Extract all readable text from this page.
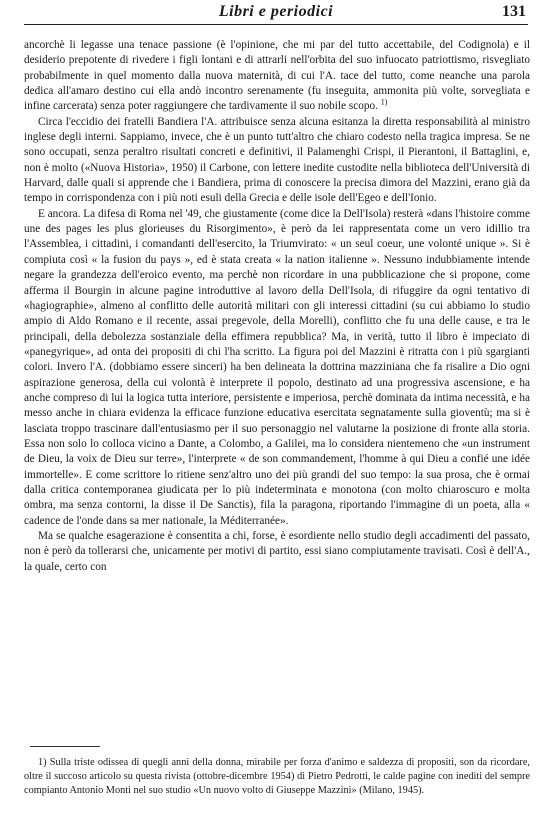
Libri e periodici	131

ancorchè li legasse una tenace passione (è l'opinione, che mi par del tutto accettabile, del Codignola) e il desiderio prepotente di rivedere i figli lontani e di attrarli nell'orbita del suo infuocato patriottismo, risvegliato probabilmente in quel momento dalla nuova maternità, di cui l'A. tace del tutto, come neanche una parola dedica all'amaro destino cui ella andò incontro serenamente (fu inseguita, ammonita più volte, sorvegliata e infine carcerata) senza poter raggiungere che tardivamente il suo nobile scopo. $^{1)}$

Circa l'eccidio dei fratelli Bandiera l'A. attribuisce senza alcuna esitanza la diretta responsabilità al ministro inglese degli interni. Sappiamo, invece, che è un punto tutt'altro che chiaro codesto nella tragica impresa. Se ne sono occupati, senza peraltro risultati concreti e definitivi, il Palamenghi Crispi, il Pierantoni, il Battaglini, e, non è molto («Nuova Historia», 1950) il Carbone, con lettere inedite custodite nella biblioteca dell'Università di Harvard, dalle quali si apprende che i Bandiera, prima di conoscere la precisa dimora del Mazzini, erano già da tempo in corrispondenza con i più noti esuli della Grecia e delle isole dell'Egeo e dell'Ionio.

E ancora. La difesa di Roma nel '49, che giustamente (come dice la Dell'Isola) resterà «dans l'histoire comme une des pages les plus glorieuses du Risorgimento», è però da lei rappresentata come un vero idillio tra l'Assemblea, i cittadini, i comandanti dell'esercito, la Triumvirato: « un seul coeur, une volonté unique ». Si è compiuta così « la fusion du pays », ed è stata creata « la nation italienne ». Nessuno indubbiamente intende negare la grandezza dell'eroico evento, ma perchè non ricordare in una pubblicazione che si propone, come afferma il Bourgin in alcune pagine introduttive al lavoro della Dell'Isola, di rifuggire da ogni tentativo di «hagiographie», almeno al conflitto delle autorità militari con gli interessi cittadini (su cui abbiamo lo studio ampio di Aldo Romano e il recente, assai pregevole, della Morelli), conflitto che fu una delle cause, e tra le principali, della debolezza sostanziale della effimera repubblica? Ma, in verità, tutto il libro è impeciato di «panegyrique», ad onta dei propositi di chi l'ha scritto. La figura poi del Mazzini è ritratta con i più sgargianti colori. Invero l'A. (dobbiamo essere sinceri) ha ben delineata la dottrina mazziniana che fa risalire a Dio ogni aspirazione generosa, della cui volontà è interprete il popolo, destinato ad una progressiva ascensione, e ha anche compreso di lui la logica tutta interiore, persistente e imperiosa, perchè dominata da intima necessità, e ha messo anche in chiara evidenza la efficace funzione educativa esercitata segnatamente sulla gioventù; ma si è lasciata troppo trascinare dall'entusiasmo per il suo personaggio nel valutarne la posizione di fronte alla storia. Essa non solo lo colloca vicino a Dante, a Colombo, a Galilei, ma lo considera nientemeno che «un instrument de Dieu, la voix de Dieu sur terre», l'interprete « de son commandement, l'homme à qui Dieu a confié une idée immortelle». E come scrittore lo ritiene senz'altro uno dei più grandi del suo tempo: la sua prosa, che è ormai dalla critica contemporanea giudicata per lo più indeterminata e monotona (con molto chiaroscuro e molta ombra, ma senza contorni, la disse il De Sanctis), fila la paragona, riportando l'immagine di un poeta, alla « cadence de l'onde dans sa mer nationale, la Méditerranée».

Ma se qualche esagerazione è consentita a chi, forse, è esordiente nello studio degli accadimenti del passato, non è però da tollerarsi che, unicamente per motivi di partito, essi siano compiutamente travisati. Così è dell'A., la quale, certo con

1) Sulla triste odissea di quegli anni della donna, mirabile per forza d'animo e saldezza di propositi, son da ricordare, oltre il succoso articolo su questa rivista (ottobre-dicembre 1954) di Pietro Pedrotti, le calde pagine con inediti del sempre compianto Antonio Monti nel suo studio «Un nuovo volto di Giuseppe Mazzini» (Milano, 1945).
